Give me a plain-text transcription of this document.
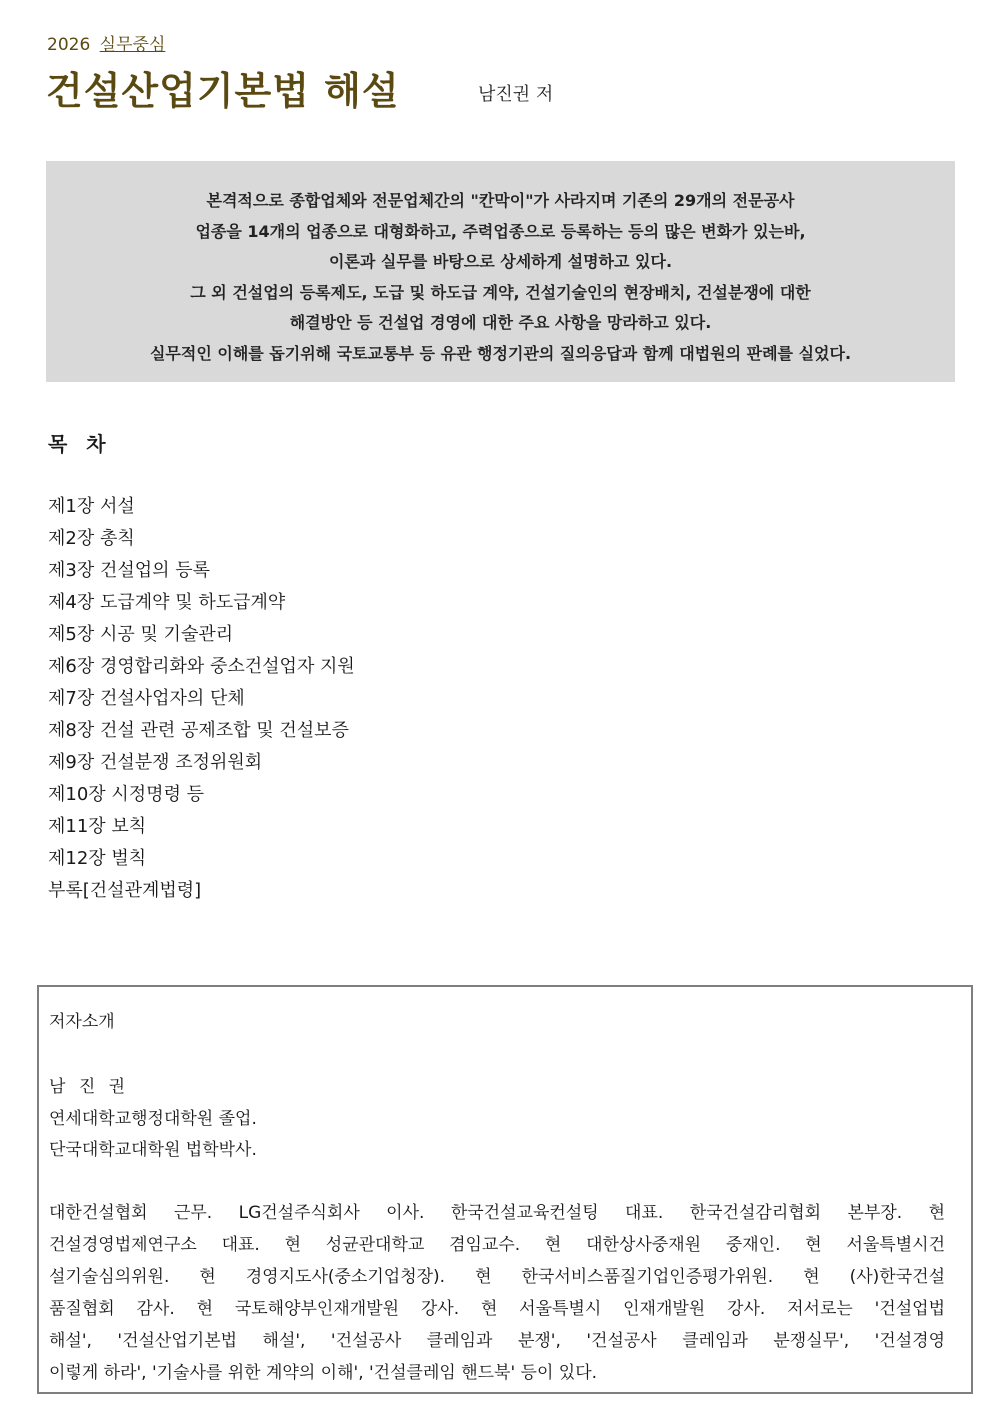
2026 실무중심
건설산업기본법 해설	남진권 저
본격적으로 종합업체와 전문업체간의 "칸막이"가 사라지며 기존의 29개의 전문공사
업종을 14개의 업종으로 대형화하고, 주력업종으로 등록하는 등의 많은 변화가 있는바,
이론과 실무를 바탕으로 상세하게 설명하고 있다.
그 외 건설업의 등록제도, 도급 및 하도급 계약, 건설기술인의 현장배치, 건설분쟁에 대한
해결방안 등 건설업 경영에 대한 주요 사항을 망라하고 있다.
실무적인 이해를 돕기위해 국토교통부 등 유관 행정기관의 질의응답과 함께 대법원의 판례를 실었다.
목 차
제1장 서설
제2장 총칙
제3장 건설업의 등록
제4장 도급계약 및 하도급계약
제5장 시공 및 기술관리
제6장 경영합리화와 중소건설업자 지원
제7장 건설사업자의 단체
제8장 건설 관련 공제조합 및 건설보증
제9장 건설분쟁 조정위원회
제10장 시정명령 등
제11장 보칙
제12장 벌칙
부록[건설관계법령]
저자소개
남 진 권
연세대학교행정대학원 졸업.
단국대학교대학원 법학박사.
대한건설협회 근무. LG건설주식회사 이사. 한국건설교육컨설팅 대표. 한국건설감리협회 본부장. 현
건설경영법제연구소 대표. 현 성균관대학교 겸임교수. 현 대한상사중재원 중재인. 현 서울특별시건
설기술심의위원. 현 경영지도사(중소기업청장). 현 한국서비스품질기업인증평가위원. 현 (사)한국건설
품질협회 감사. 현 국토해양부인재개발원 강사. 현 서울특별시 인재개발원 강사. 저서로는 '건설업법
해설', '건설산업기본법 해설', '건설공사 클레임과 분쟁', '건설공사 클레임과 분쟁실무', '건설경영
이렇게 하라', '기술사를 위한 계약의 이해', '건설클레임 핸드북' 등이 있다.
